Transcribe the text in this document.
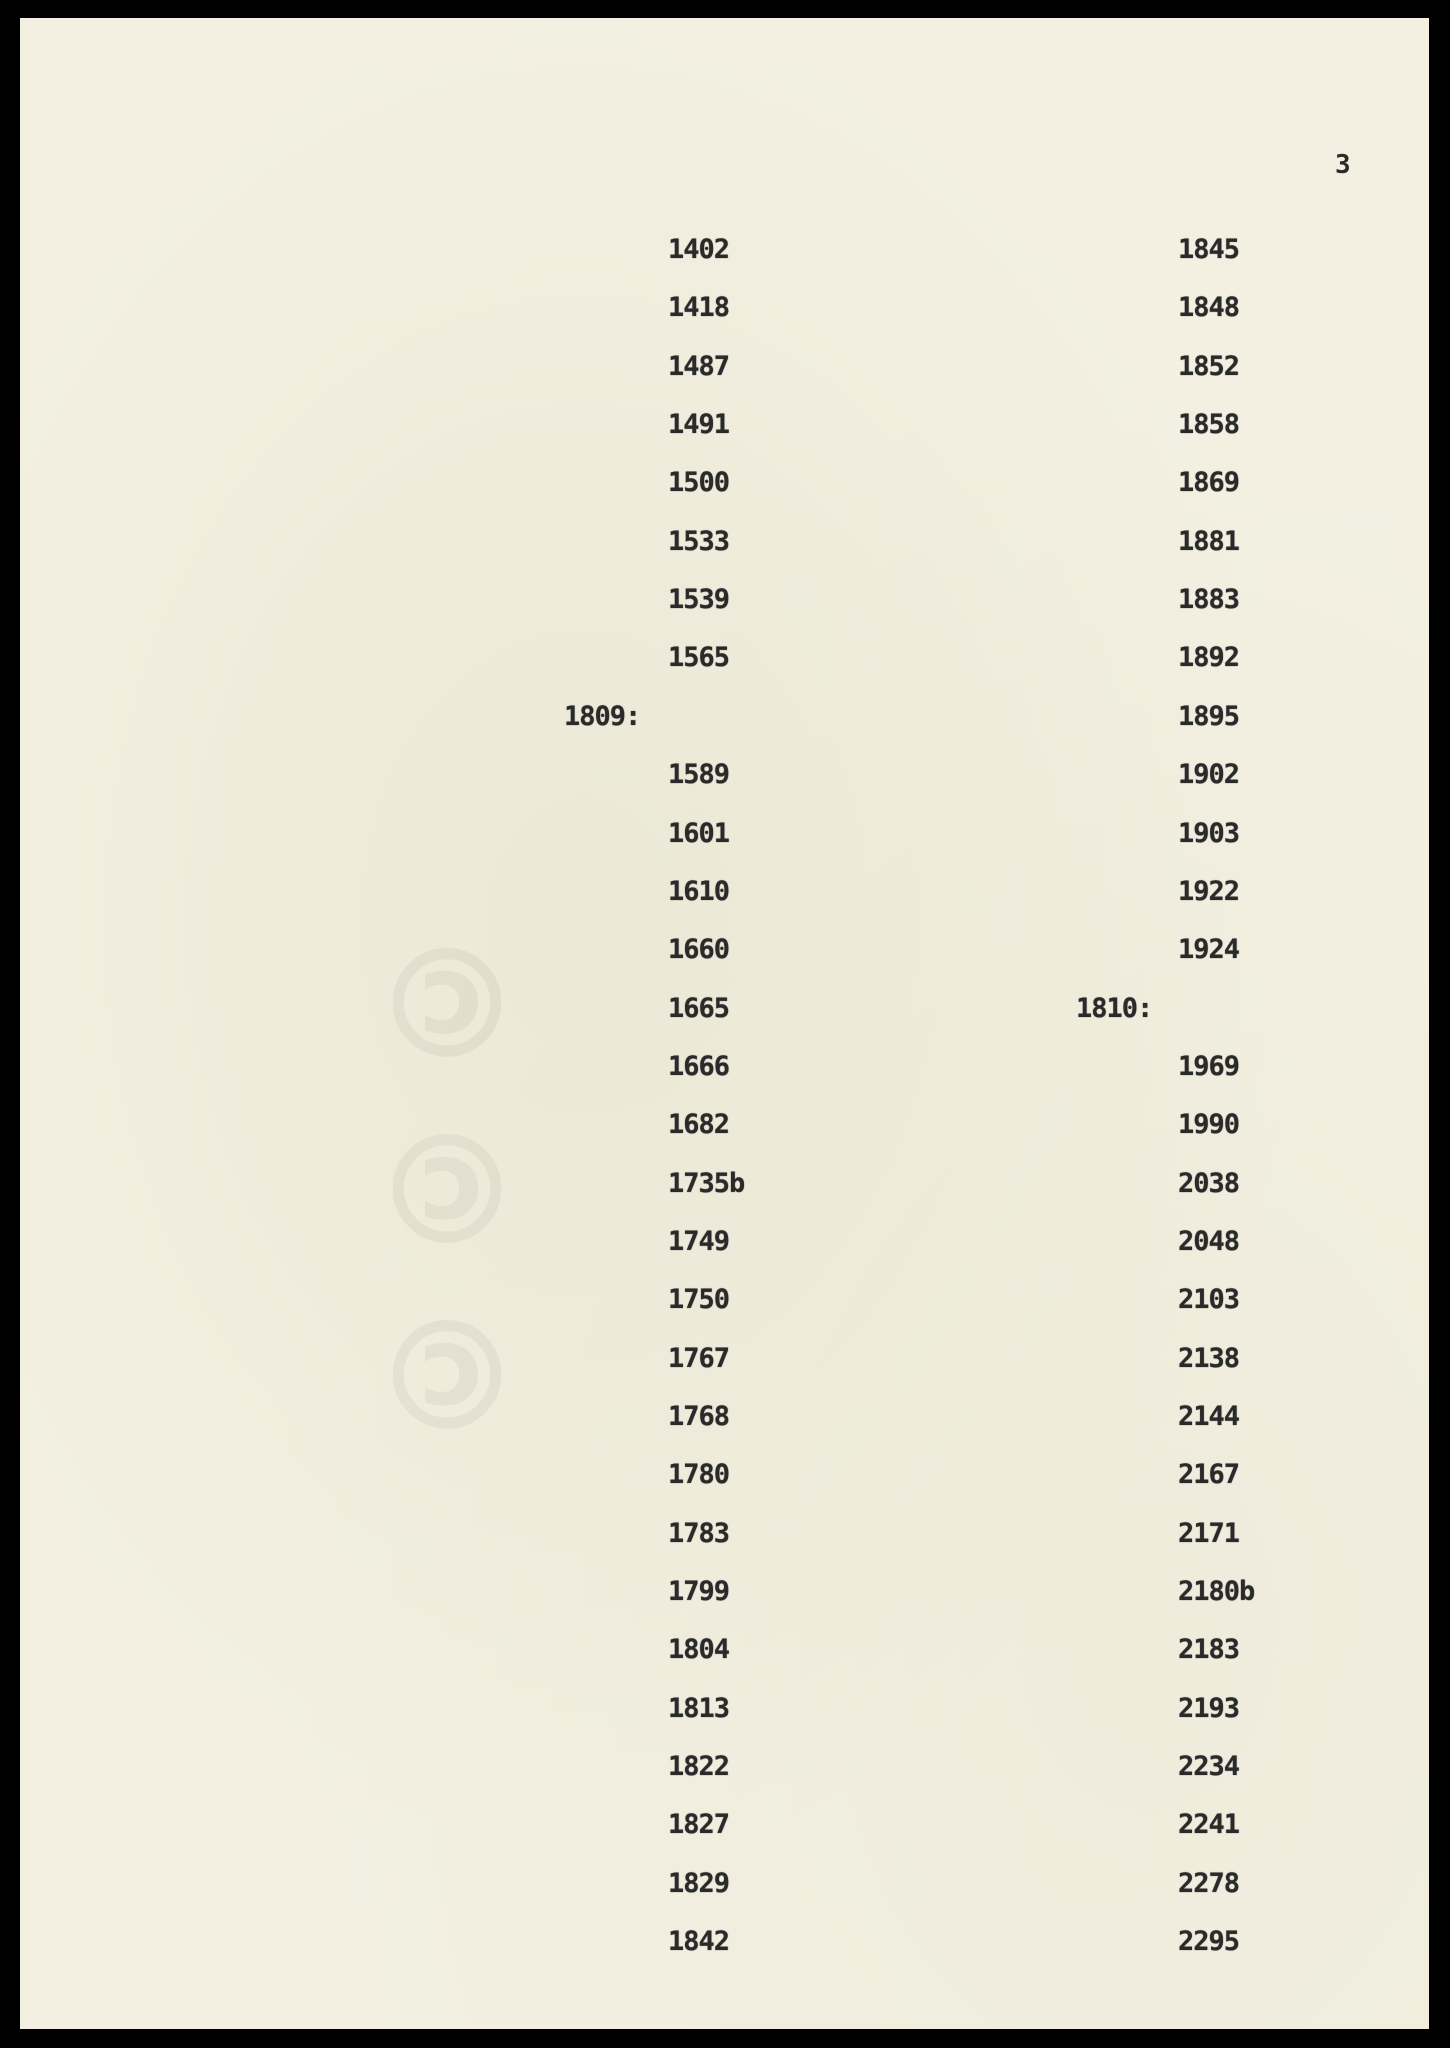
©©©
3
1402
1418
1487
1491
1500
1533
1539
1565
1809:
1589
1601
1610
1660
1665
1666
1682
1735b
1749
1750
1767
1768
1780
1783
1799
1804
1813
1822
1827
1829
1842
1845
1848
1852
1858
1869
1881
1883
1892
1895
1902
1903
1922
1924
1810:
1969
1990
2038
2048
2103
2138
2144
2167
2171
2180b
2183
2193
2234
2241
2278
2295
